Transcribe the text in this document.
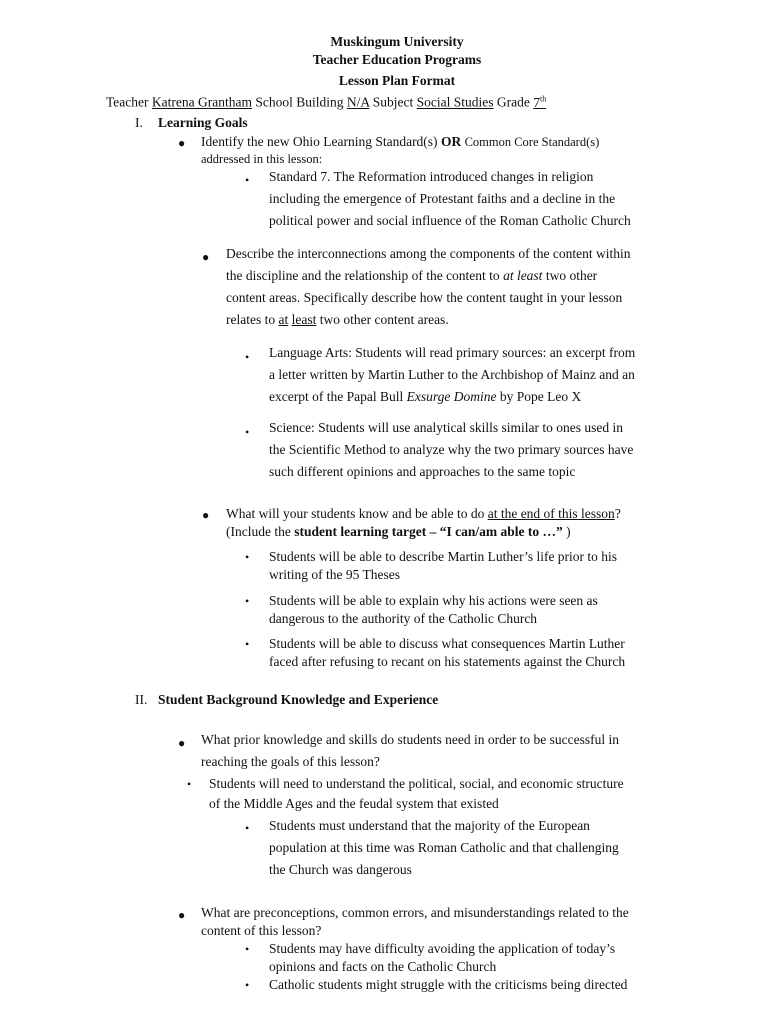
Muskingum University
Teacher Education Programs
Lesson Plan Format
Teacher Katrena Grantham School Building N/A Subject Social Studies Grade 7th
I. Learning Goals
● Identify the new Ohio Learning Standard(s) OR Common Core Standard(s)
addressed in this lesson:
• Standard 7. The Reformation introduced changes in religion
including the emergence of Protestant faiths and a decline in the
political power and social influence of the Roman Catholic Church
● Describe the interconnections among the components of the content within
the discipline and the relationship of the content to at least two other
content areas. Specifically describe how the content taught in your lesson
relates to at least two other content areas.
• Language Arts: Students will read primary sources: an excerpt from
a letter written by Martin Luther to the Archbishop of Mainz and an
excerpt of the Papal Bull Exsurge Domine by Pope Leo X
• Science: Students will use analytical skills similar to ones used in
the Scientific Method to analyze why the two primary sources have
such different opinions and approaches to the same topic
● What will your students know and be able to do at the end of this lesson?
(Include the student learning target – “I can/am able to …” )
• Students will be able to describe Martin Luther’s life prior to his
writing of the 95 Theses
• Students will be able to explain why his actions were seen as
dangerous to the authority of the Catholic Church
• Students will be able to discuss what consequences Martin Luther
faced after refusing to recant on his statements against the Church
II. Student Background Knowledge and Experience
● What prior knowledge and skills do students need in order to be successful in
reaching the goals of this lesson?
• Students will need to understand the political, social, and economic structure
of the Middle Ages and the feudal system that existed
• Students must understand that the majority of the European
population at this time was Roman Catholic and that challenging
the Church was dangerous
● What are preconceptions, common errors, and misunderstandings related to the
content of this lesson?
• Students may have difficulty avoiding the application of today’s
opinions and facts on the Catholic Church
• Catholic students might struggle with the criticisms being directed
